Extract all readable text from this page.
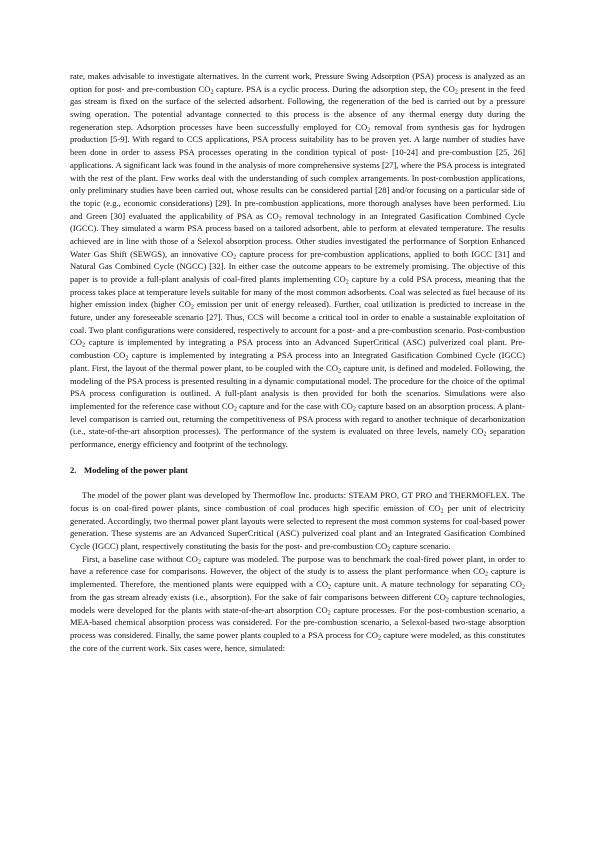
rate, makes advisable to investigate alternatives. In the current work, Pressure Swing Adsorption (PSA) process is analyzed as an option for post- and pre-combustion $CO_2$ capture. PSA is a cyclic process. During the adsorption step, the $CO_2$ present in the feed gas stream is fixed on the surface of the selected adsorbent. Following, the regeneration of the bed is carried out by a pressure swing operation. The potential advantage connected to this process is the absence of any thermal energy duty during the regeneration step. Adsorption processes have been successfully employed for $CO_2$ removal from synthesis gas for hydrogen production [5-9]. With regard to CCS applications, PSA process suitability has to be proven yet. A large number of studies have been done in order to assess PSA processes operating in the condition typical of post- [10-24] and pre-combustion [25, 26] applications. A significant lack was found in the analysis of more comprehensive systems [27], where the PSA process is integrated with the rest of the plant. Few works deal with the understanding of such complex arrangements. In post-combustion applications, only preliminary studies have been carried out, whose results can be considered partial [28] and/or focusing on a particular side of the topic (e.g., economic considerations) [29]. In pre-combustion applications, more thorough analyses have been performed. Liu and Green [30] evaluated the applicability of PSA as $CO_2$ removal technology in an Integrated Gasification Combined Cycle (IGCC). They simulated a warm PSA process based on a tailored adsorbent, able to perform at elevated temperature. The results achieved are in line with those of a Selexol absorption process. Other studies investigated the performance of Sorption Enhanced Water Gas Shift (SEWGS), an innovative $CO_2$ capture process for pre-combustion applications, applied to both IGCC [31] and Natural Gas Combined Cycle (NGCC) [32]. In either case the outcome appears to be extremely promising. The objective of this paper is to provide a full-plant analysis of coal-fired plants implementing $CO_2$ capture by a cold PSA process, meaning that the process takes place at temperature levels suitable for many of the most common adsorbents. Coal was selected as fuel because of its higher emission index (higher $CO_2$ emission per unit of energy released). Further, coal utilization is predicted to increase in the future, under any foreseeable scenario [27]. Thus, CCS will become a critical tool in order to enable a sustainable exploitation of coal. Two plant configurations were considered, respectively to account for a post- and a pre-combustion scenario. Post-combustion $CO_2$ capture is implemented by integrating a PSA process into an Advanced SuperCritical (ASC) pulverized coal plant. Pre-combustion $CO_2$ capture is implemented by integrating a PSA process into an Integrated Gasification Combined Cycle (IGCC) plant. First, the layout of the thermal power plant, to be coupled with the $CO_2$ capture unit, is defined and modeled. Following, the modeling of the PSA process is presented resulting in a dynamic computational model. The procedure for the choice of the optimal PSA process configuration is outlined. A full-plant analysis is then provided for both the scenarios. Simulations were also implemented for the reference case without $CO_2$ capture and for the case with $CO_2$ capture based on an absorption process. A plant-level comparison is carried out, returning the competitiveness of PSA process with regard to another technique of decarbonization (i.e., state-of-the-art absorption processes). The performance of the system is evaluated on three levels, namely $CO_2$ separation performance, energy efficiency and footprint of the technology.

2. Modeling of the power plant

The model of the power plant was developed by Thermoflow Inc. products: STEAM PRO, GT PRO and THERMOFLEX. The focus is on coal-fired power plants, since combustion of coal produces high specific emission of $CO_2$ per unit of electricity generated. Accordingly, two thermal power plant layouts were selected to represent the most common systems for coal-based power generation. These systems are an Advanced SuperCritical (ASC) pulverized coal plant and an Integrated Gasification Combined Cycle (IGCC) plant, respectively constituting the basis for the post- and pre-combustion $CO_2$ capture scenario.

First, a baseline case without $CO_2$ capture was modeled. The purpose was to benchmark the coal-fired power plant, in order to have a reference case for comparisons. However, the object of the study is to assess the plant performance when $CO_2$ capture is implemented. Therefore, the mentioned plants were equipped with a $CO_2$ capture unit. A mature technology for separating $CO_2$ from the gas stream already exists (i.e., absorption). For the sake of fair comparisons between different $CO_2$ capture technologies, models were developed for the plants with state-of-the-art absorption $CO_2$ capture processes. For the post-combustion scenario, a MEA-based chemical absorption process was considered. For the pre-combustion scenario, a Selexol-based two-stage absorption process was considered. Finally, the same power plants coupled to a PSA process for $CO_2$ capture were modeled, as this constitutes the core of the current work. Six cases were, hence, simulated:
